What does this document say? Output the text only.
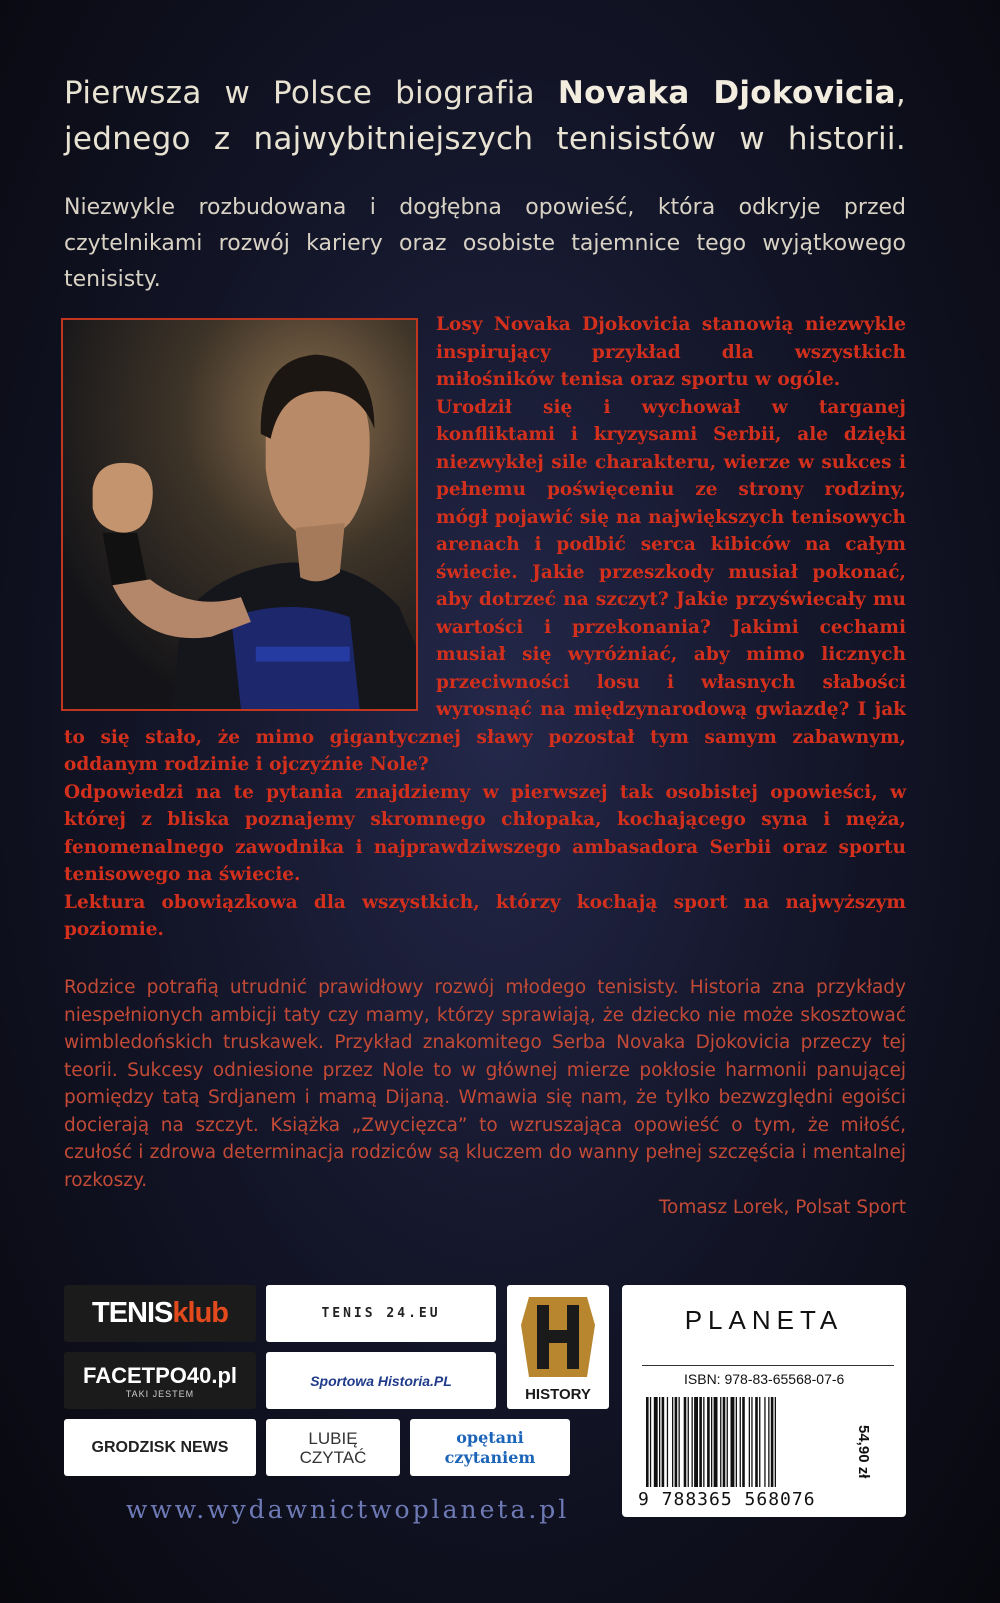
Pierwsza w Polsce biografia Novaka Djokovicia,
jednego z najwybitniejszych tenisistów w historii.
Niezwykle rozbudowana i dogłębna opowieść, która odkryje przed czytelnikami rozwój kariery oraz osobiste tajemnice tego wyjątkowego tenisisty.

Losy Novaka Djokovicia stanowią niezwykle inspirujący przykład dla wszystkich miłośników tenisa oraz sportu w ogóle.

Urodził się i wychował w targanej konfliktami i kryzysami Serbii, ale dzięki niezwykłej sile charakteru, wierze w sukces i pełnemu poświęceniu ze strony rodziny, mógł pojawić się na największych tenisowych arenach i podbić serca kibiców na całym świecie. Jakie przeszkody musiał pokonać, aby dotrzeć na szczyt? Jakie przyświecały mu wartości i przekonania? Jakimi cechami musiał się wyróżniać, aby mimo licznych przeciwności losu i własnych słabości wyrosnąć na międzynarodową gwiazdę? I jak to się stało, że mimo gigantycznej sławy pozostał tym samym zabawnym, oddanym rodzinie i ojczyźnie Nole?

Odpowiedzi na te pytania znajdziemy w pierwszej tak osobistej opowieści, w której z bliska poznajemy skromnego chłopaka, kochającego syna i męża, fenomenalnego zawodnika i najprawdziwszego ambasadora Serbii oraz sportu tenisowego na świecie.

Lektura obowiązkowa dla wszystkich, którzy kochają sport na najwyższym poziomie.

Rodzice potrafią utrudnić prawidłowy rozwój młodego tenisisty. Historia zna przykłady niespełnionych ambicji taty czy mamy, którzy sprawiają, że dziecko nie może skosztować wimbledońskich truskawek. Przykład znakomitego Serba Novaka Djokovicia przeczy tej teorii. Sukcesy odniesione przez Nole to w głównej mierze pokłosie harmonii panującej pomiędzy tatą Srdjanem i mamą Dijaną. Wmawia się nam, że tylko bezwzględni egoiści docierają na szczyt. Książka „Zwycięzca” to wzruszająca opowieść o tym, że miłość, czułość i zdrowa determinacja rodziców są kluczem do wanny pełnej szczęścia i mentalnej rozkoszy.
Tomasz Lorek, Polsat Sport
TENIS klub	TENIS 24.EU
HISTORY
FACETPO40.pl
TAKI JESTEM
Sportowa Historia.PL
GRODZISK NEWS	LUBIĘ
CZYTAĆ
opętani
czytaniem
PLANETA
ISBN: 978-83-65568-07-6
9 788365 568076
54,90 zł
www.wydawnictwoplaneta.pl
